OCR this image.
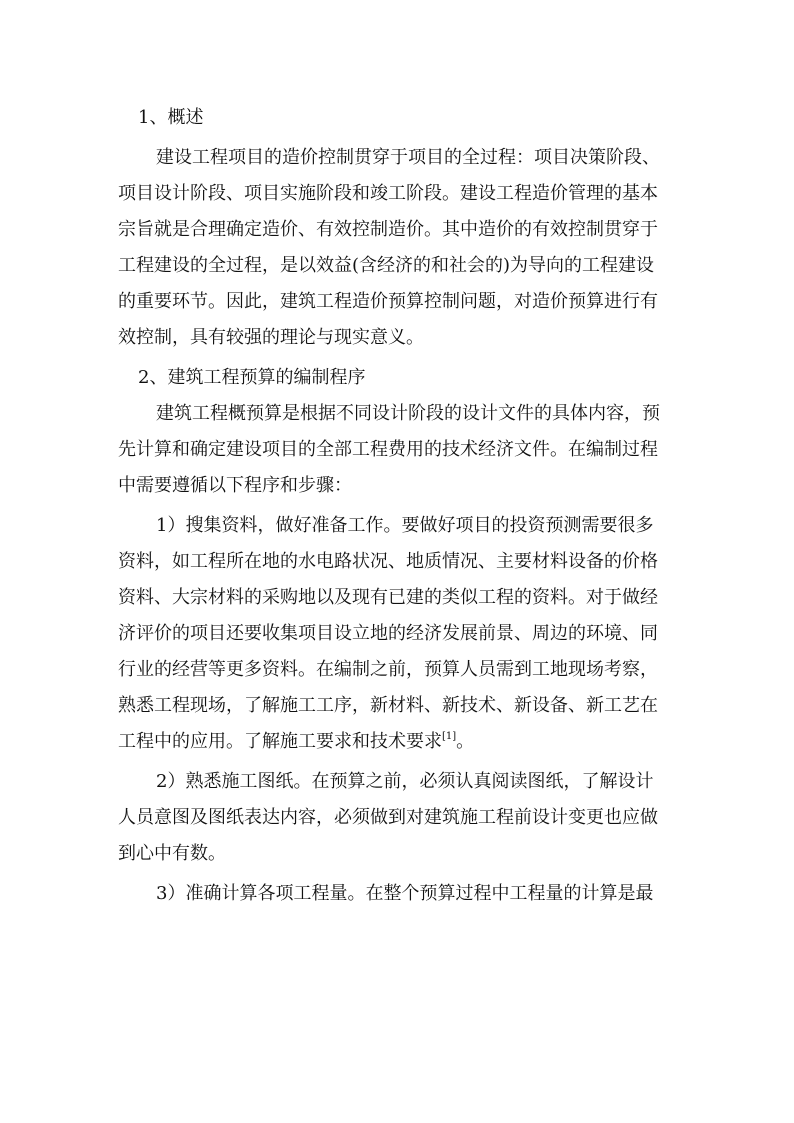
1、概述

建设工程项目的造价控制贯穿于项目的全过程：项目决策阶段、
项目设计阶段、项目实施阶段和竣工阶段。建设工程造价管理的基本
宗旨就是合理确定造价、有效控制造价。其中造价的有效控制贯穿于
工程建设的全过程，是以效益(含经济的和社会的)为导向的工程建设
的重要环节。因此，建筑工程造价预算控制问题，对造价预算进行有
效控制，具有较强的理论与现实意义。

2、建筑工程预算的编制程序

建筑工程概预算是根据不同设计阶段的设计文件的具体内容，预
先计算和确定建设项目的全部工程费用的技术经济文件。在编制过程
中需要遵循以下程序和步骤：
1）搜集资料，做好准备工作。要做好项目的投资预测需要很多
资料，如工程所在地的水电路状况、地质情况、主要材料设备的价格
资料、大宗材料的采购地以及现有已建的类似工程的资料。对于做经
济评价的项目还要收集项目设立地的经济发展前景、周边的环境、同
行业的经营等更多资料。在编制之前，预算人员需到工地现场考察，
熟悉工程现场，了解施工工序，新材料、新技术、新设备、新工艺在
工程中的应用。了解施工要求和技术要求[1]。
2）熟悉施工图纸。在预算之前，必须认真阅读图纸，了解设计
人员意图及图纸表达内容，必须做到对建筑施工程前设计变更也应做
到心中有数。
3）准确计算各项工程量。在整个预算过程中工程量的计算是最
